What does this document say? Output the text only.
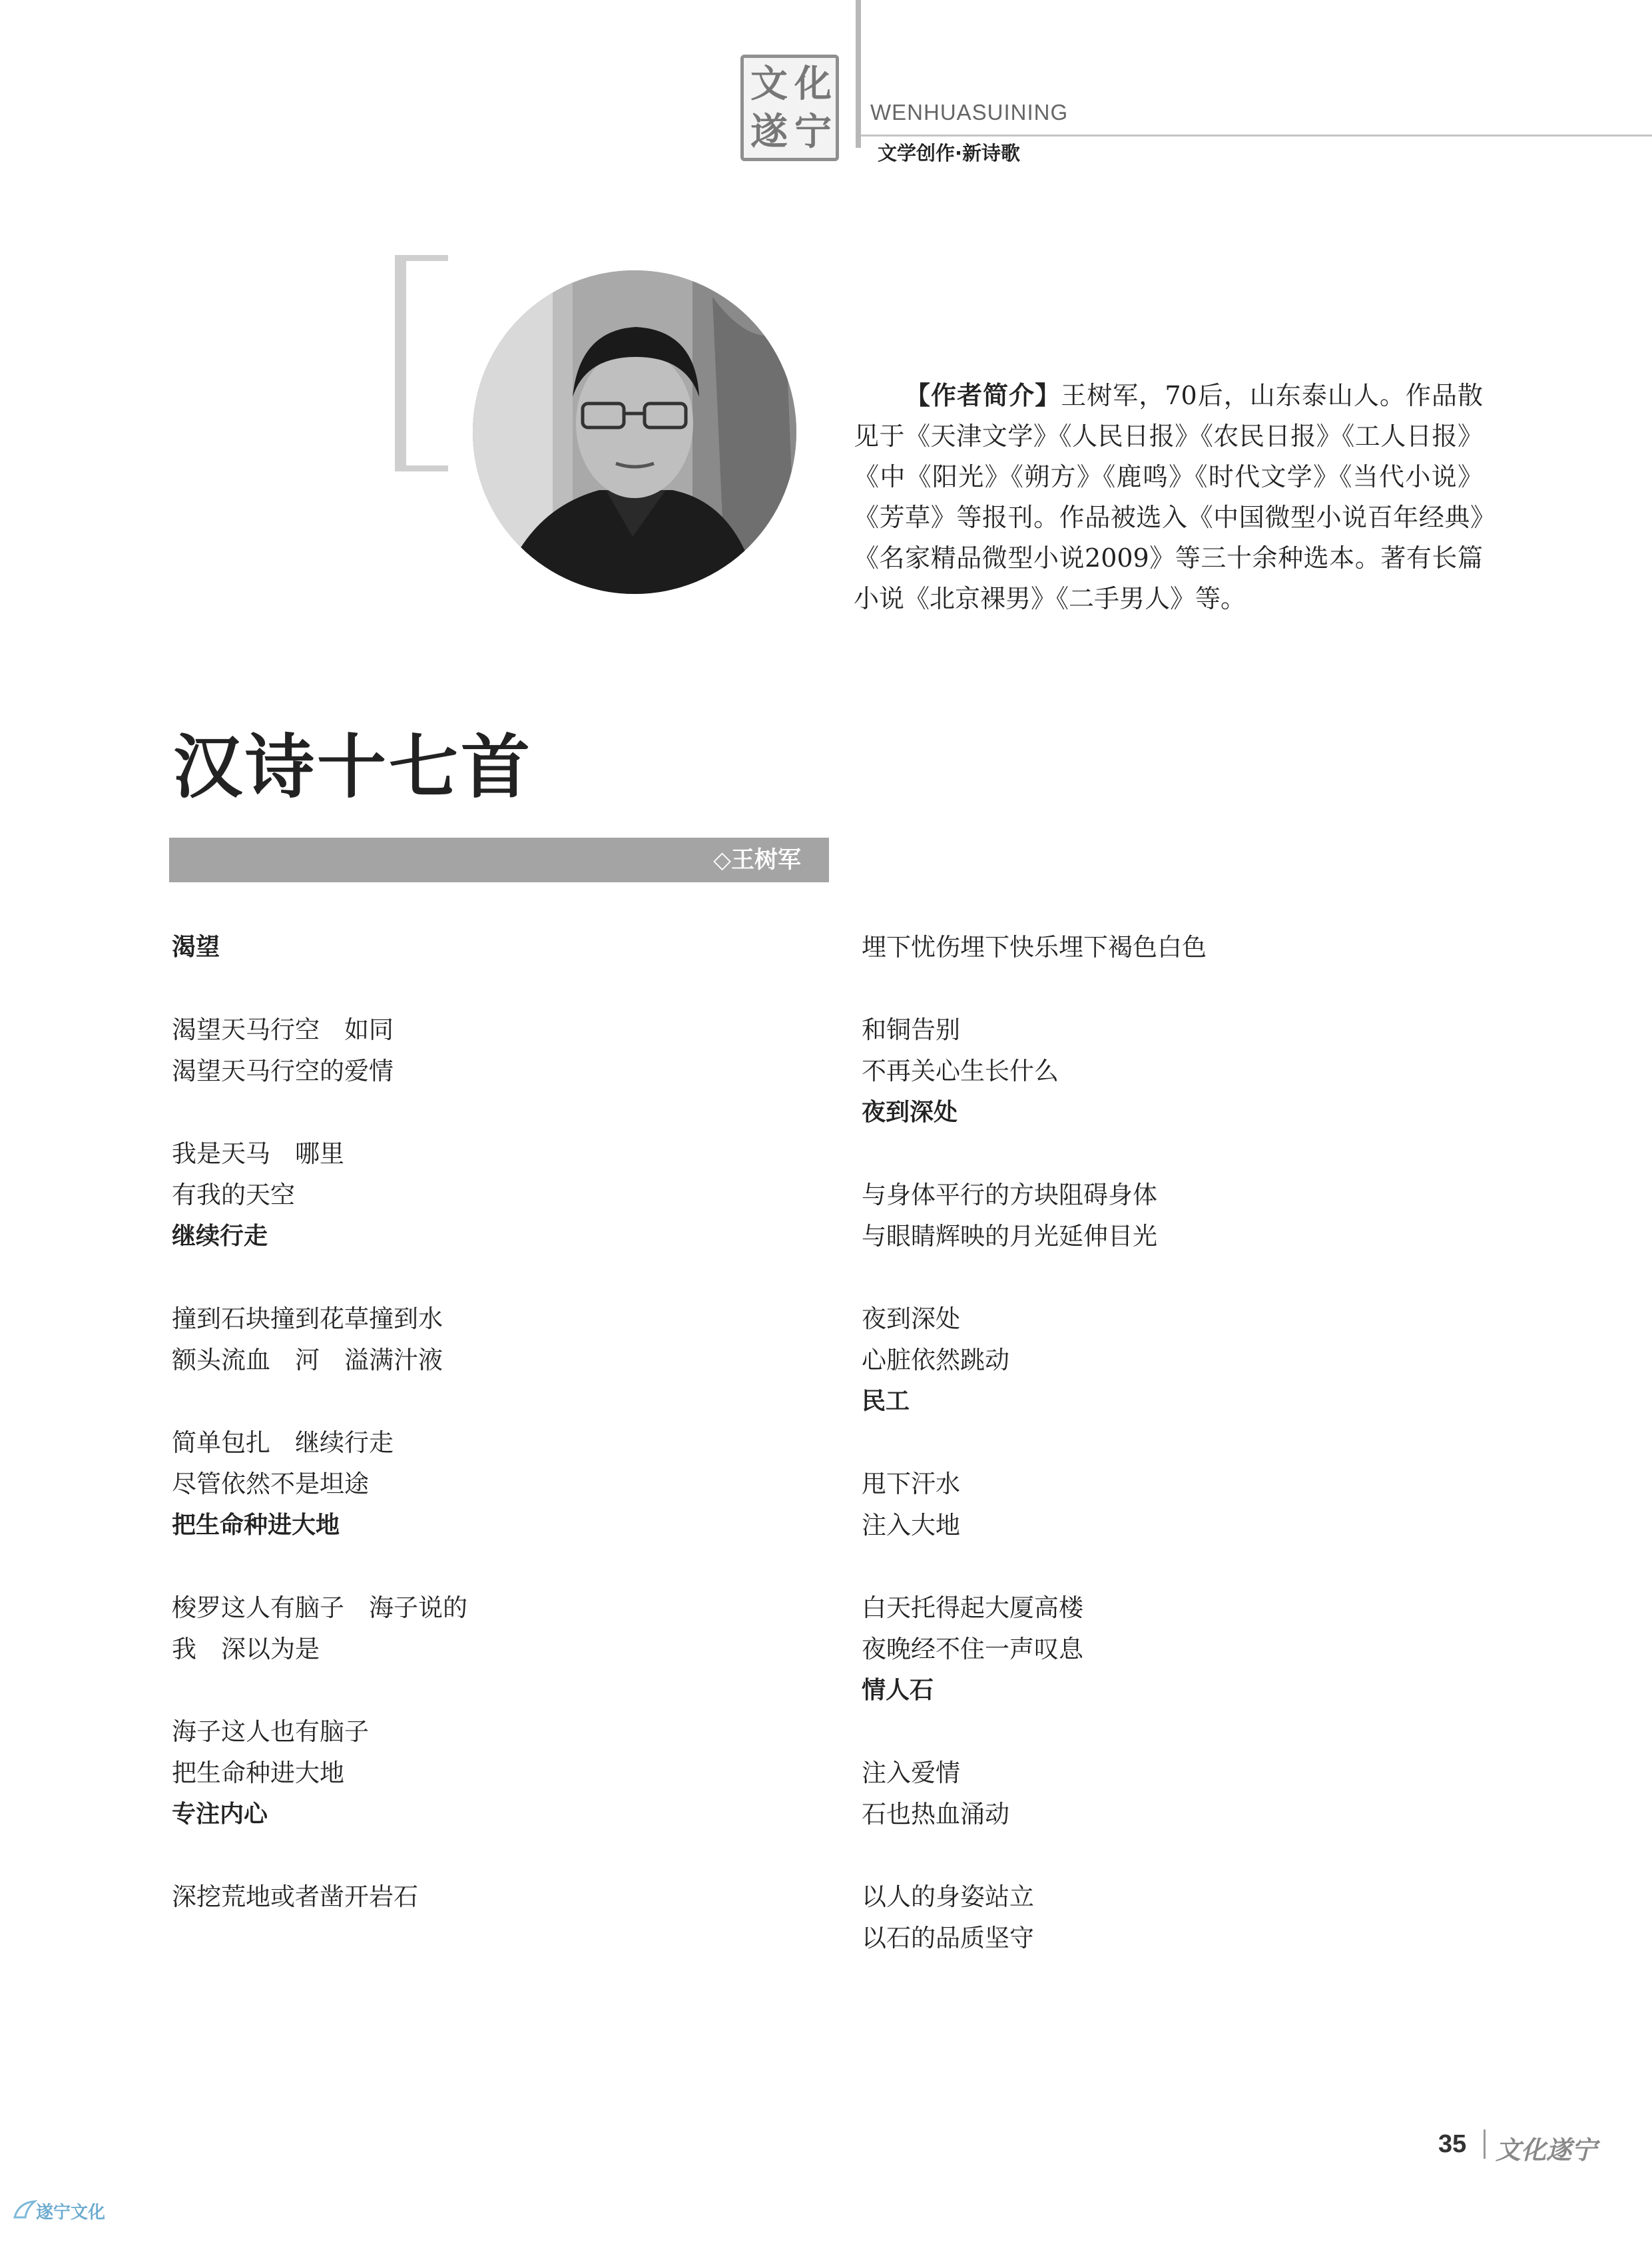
文 化
遂 宁 WENHUASUINING
文学创作·新诗歌
【作者简介】王树军，70后，山东泰山人。作品散见于《天津文学》《人民日报》《农民日报》《工人日报》《中《阳光》《朔方》《鹿鸣》《时代文学》《当代小说》《芳草》等报刊。作品被选入《中国微型小说百年经典》《名家精品微型小说2009》等三十余种选本。著有长篇小说《北京裸男》《二手男人》等。
汉诗十七首
◇王树军
渴望
渴望天马行空　如同
渴望天马行空的爱情
我是天马　哪里
有我的天空
继续行走
撞到石块撞到花草撞到水
额头流血　河　溢满汁液
简单包扎　继续行走
尽管依然不是坦途
把生命种进大地
梭罗这人有脑子　海子说的
我　深以为是
海子这人也有脑子
把生命种进大地
专注内心
深挖荒地或者凿开岩石
埋下忧伤埋下快乐埋下褐色白色
和铜告别
不再关心生长什么
夜到深处
与身体平行的方块阻碍身体
与眼睛辉映的月光延伸目光
夜到深处
心脏依然跳动
民工
甩下汗水
注入大地
白天托得起大厦高楼
夜晚经不住一声叹息
情人石
注入爱情
石也热血涌动
以人的身姿站立
以石的品质坚守
35 文化遂宁
遂宁文化
